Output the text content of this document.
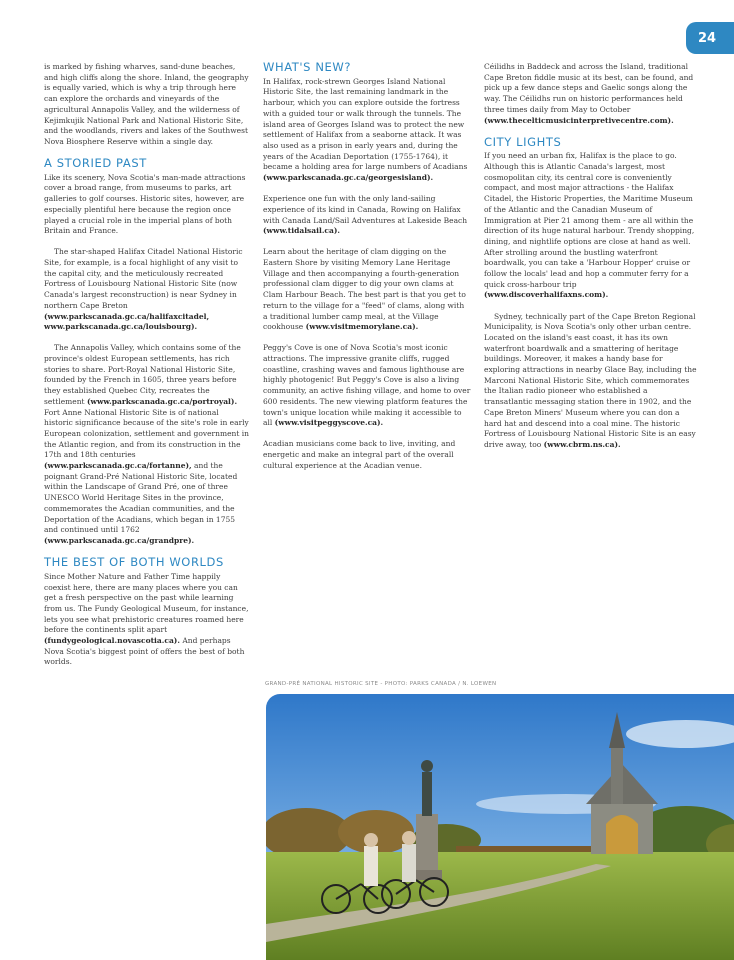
24

is marked by fishing wharves, sand-dune beaches, and high cliffs along the shore. Inland, the geography is equally varied, which is why a trip through here can explore the orchards and vineyards of the agricultural Annapolis Valley, and the wilderness of Kejimkujik National Park and National Historic Site, and the woodlands, rivers and lakes of the Southwest Nova Biosphere Reserve within a single day.

A STORIED PAST

Like its scenery, Nova Scotia's man-made attractions cover a broad range, from museums to parks, art galleries to golf courses. Historic sites, however, are especially plentiful here because the region once played a crucial role in the imperial plans of both Britain and France.

The star-shaped Halifax Citadel National Historic Site, for example, is a focal highlight of any visit to the capital city, and the meticulously recreated Fortress of Louisbourg National Historic Site (now Canada's largest reconstruction) is near Sydney in northern Cape Breton (www.parkscanada.gc.ca/halifaxcitadel, www.parkscanada.gc.ca/louisbourg).

The Annapolis Valley, which contains some of the province's oldest European settlements, has rich stories to share. Port-Royal National Historic Site, founded by the French in 1605, three years before they established Quebec City, recreates the settlement (www.parkscanada.gc.ca/portroyal). Fort Anne National Historic Site is of national historic significance because of the site's role in early European colonization, settlement and government in the Atlantic region, and from its construction in the 17th and 18th centuries (www.parkscanada.gc.ca/fortanne), and the poignant Grand-Pré National Historic Site, located within the Landscape of Grand Pré, one of three UNESCO World Heritage Sites in the province, commemorates the Acadian communities, and the Deportation of the Acadians, which began in 1755 and continued until 1762 (www.parkscanada.gc.ca/grandpre).

THE BEST OF BOTH WORLDS

Since Mother Nature and Father Time happily coexist here, there are many places where you can get a fresh perspective on the past while learning from us. The Fundy Geological Museum, for instance, lets you see what prehistoric creatures roamed here before the continents split apart (fundygeological.novascotia.ca). And perhaps Nova Scotia's biggest point of offers the best of both worlds.

WHAT'S NEW?

In Halifax, rock-strewn Georges Island National Historic Site, the last remaining landmark in the harbour, which you can explore outside the fortress with a guided tour or walk through the tunnels. The island area of Georges Island was to protect the new settlement of Halifax from a seaborne attack. It was also used as a prison in early years and, during the years of the Acadian Deportation (1755-1764), it became a holding area for large numbers of Acadians (www.parkscanada.gc.ca/georgesisland).

Experience one fun with the only land-sailing experience of its kind in Canada, Rowing on Halifax with Canada Land/Sail Adventures at Lakeside Beach (www.tidalsail.ca).

Learn about the heritage of clam digging on the Eastern Shore by visiting Memory Lane Heritage Village and then accompanying a fourth-generation professional clam digger to dig your own clams at Clam Harbour Beach. The best part is that you get to return to the village for a "feed" of clams, along with a traditional lumber camp meal, at the Village cookhouse (www.visitmemorylane.ca).

Peggy's Cove is one of Nova Scotia's most iconic attractions. The impressive granite cliffs, rugged coastline, crashing waves and famous lighthouse are highly photogenic! But Peggy's Cove is also a living community, an active fishing village, and home to over 600 residents. The new viewing platform features the town's unique location while making it accessible to all (www.visitpeggyscove.ca).

Acadian musicians come back to live, inviting, and energetic and make an integral part of the overall cultural experience at the Acadian venue.

Céilidhs in Baddeck and across the Island, traditional Cape Breton fiddle music at its best, can be found, and pick up a few dance steps and Gaelic songs along the way. The Céilidhs run on historic performances held three times daily from May to October (www.thecelticmusicinterpretivecentre.com).

CITY LIGHTS

If you need an urban fix, Halifax is the place to go. Although this is Atlantic Canada's largest, most cosmopolitan city, its central core is conveniently compact, and most major attractions - the Halifax Citadel, the Historic Properties, the Maritime Museum of the Atlantic and the Canadian Museum of Immigration at Pier 21 among them - are all within the direction of its huge natural harbour. Trendy shopping, dining, and nightlife options are close at hand as well. After strolling around the bustling waterfront boardwalk, you can take a 'Harbour Hopper' cruise or follow the locals' lead and hop a commuter ferry for a quick cross-harbour trip (www.discoverhalifaxns.com).

Sydney, technically part of the Cape Breton Regional Municipality, is Nova Scotia's only other urban centre. Located on the island's east coast, it has its own waterfront boardwalk and a smattering of heritage buildings. Moreover, it makes a handy base for exploring attractions in nearby Glace Bay, including the Marconi National Historic Site, which commemorates the Italian radio pioneer who established a transatlantic messaging station there in 1902, and the Cape Breton Miners' Museum where you can don a hard hat and descend into a coal mine. The historic Fortress of Louisbourg National Historic Site is an easy drive away, too (www.cbrm.ns.ca).

GRAND-PRÉ NATIONAL HISTORIC SITE - PHOTO: PARKS CANADA / N. LOEWEN
